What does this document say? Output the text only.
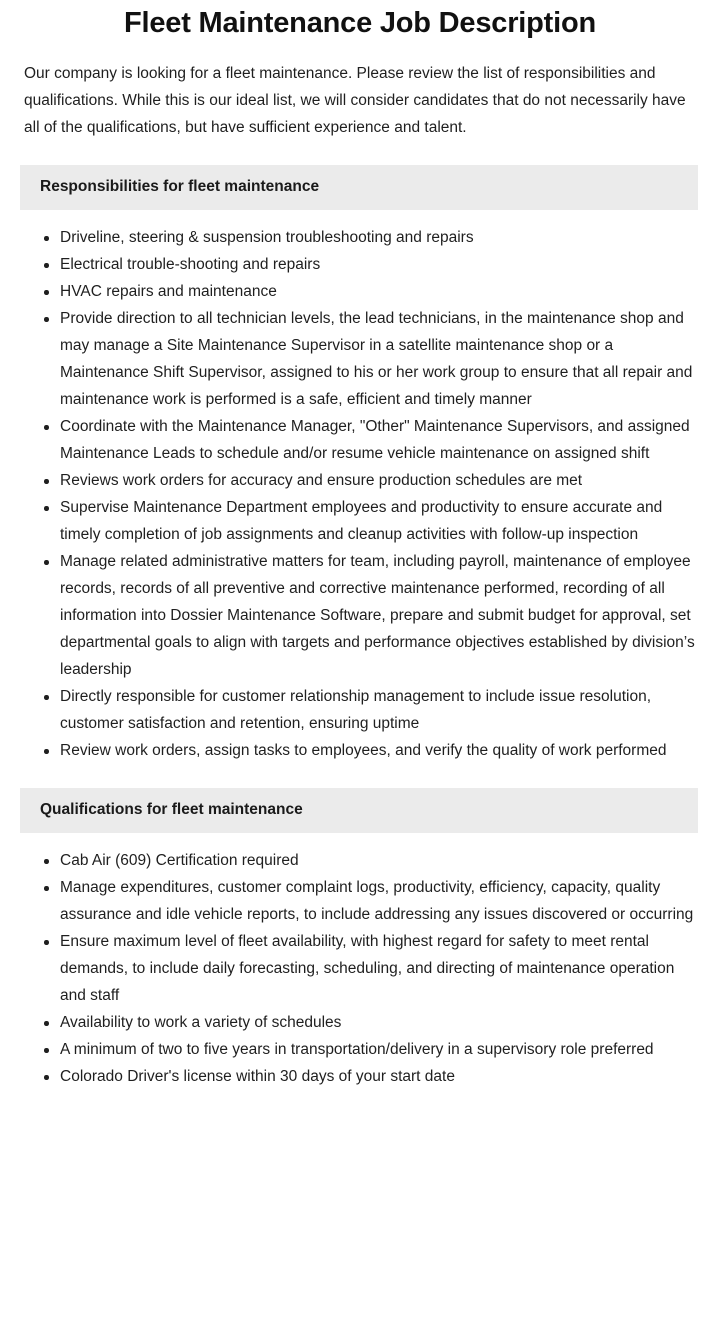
Fleet Maintenance Job Description

Our company is looking for a fleet maintenance. Please review the list of responsibilities and qualifications. While this is our ideal list, we will consider candidates that do not necessarily have all of the qualifications, but have sufficient experience and talent.

Responsibilities for fleet maintenance
Driveline, steering & suspension troubleshooting and repairs
Electrical trouble-shooting and repairs
HVAC repairs and maintenance
Provide direction to all technician levels, the lead technicians, in the maintenance shop and may manage a Site Maintenance Supervisor in a satellite maintenance shop or a Maintenance Shift Supervisor, assigned to his or her work group to ensure that all repair and maintenance work is performed is a safe, efficient and timely manner
Coordinate with the Maintenance Manager, "Other" Maintenance Supervisors, and assigned Maintenance Leads to schedule and/or resume vehicle maintenance on assigned shift
Reviews work orders for accuracy and ensure production schedules are met
Supervise Maintenance Department employees and productivity to ensure accurate and timely completion of job assignments and cleanup activities with follow-up inspection
Manage related administrative matters for team, including payroll, maintenance of employee records, records of all preventive and corrective maintenance performed, recording of all information into Dossier Maintenance Software, prepare and submit budget for approval, set departmental goals to align with targets and performance objectives established by division’s leadership
Directly responsible for customer relationship management to include issue resolution, customer satisfaction and retention, ensuring uptime
Review work orders, assign tasks to employees, and verify the quality of work performed
Qualifications for fleet maintenance
Cab Air (609) Certification required
Manage expenditures, customer complaint logs, productivity, efficiency, capacity, quality assurance and idle vehicle reports, to include addressing any issues discovered or occurring
Ensure maximum level of fleet availability, with highest regard for safety to meet rental demands, to include daily forecasting, scheduling, and directing of maintenance operation and staff
Availability to work a variety of schedules
A minimum of two to five years in transportation/delivery in a supervisory role preferred
Colorado Driver's license within 30 days of your start date
